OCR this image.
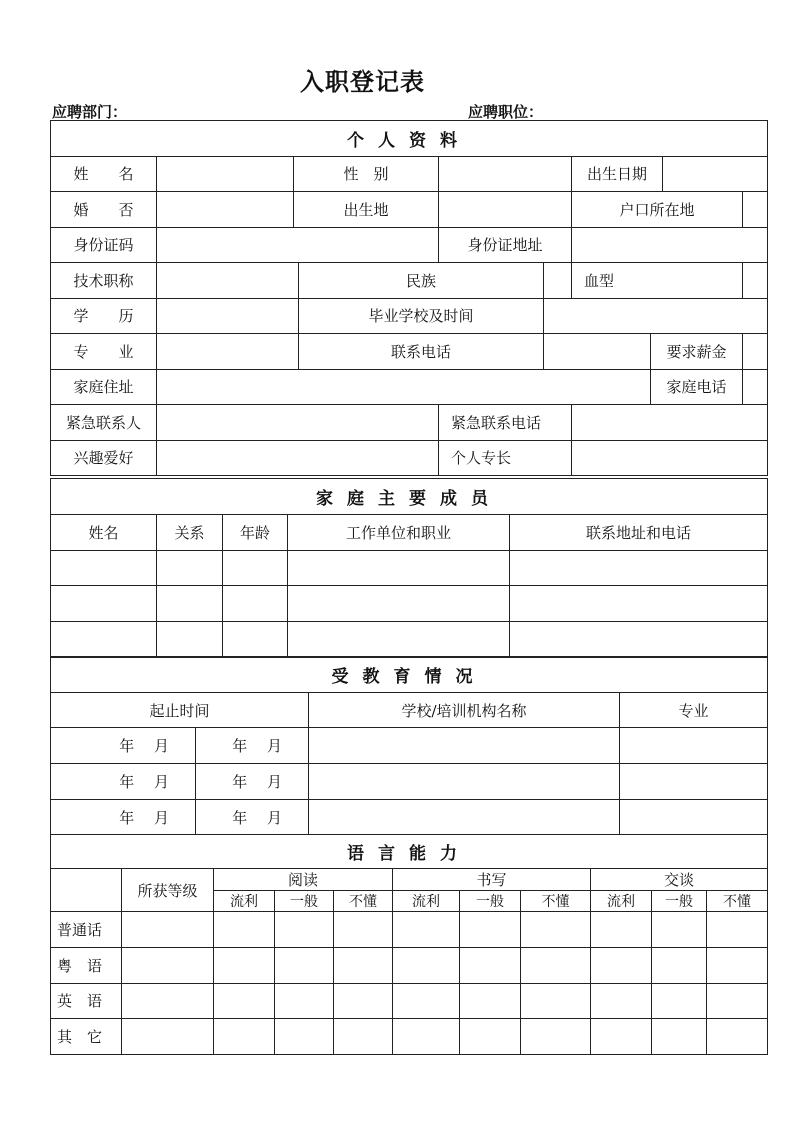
入职登记表
应聘部门：	应聘职位：
个人资料									
姓　　名		性　别				出生日期			
婚　　否		出生地				户口所在地			
身份证码				身份证地址					
技术职称			民族			血型			
学　　历			毕业学校及时间						
专　　业			联系电话				要求薪金		
家庭住址							家庭电话		
紧急联系人				紧急联系电话					
兴趣爱好				个人专长					
家庭主要成员				
姓名	关系	年龄	工作单位和职业	联系地址和电话

受教育情况			
起止时间		学校/培训机构名称	专业
年　 月	年　 月		
年　 月	年　 月		
年　 月	年　 月		
语言能力										
	所获等级	阅读			书写			交谈		
		流利	一般	不懂	流利	一般	不懂	流利	一般	不懂
普通话										
粤　语										
英　语										
其　它										
